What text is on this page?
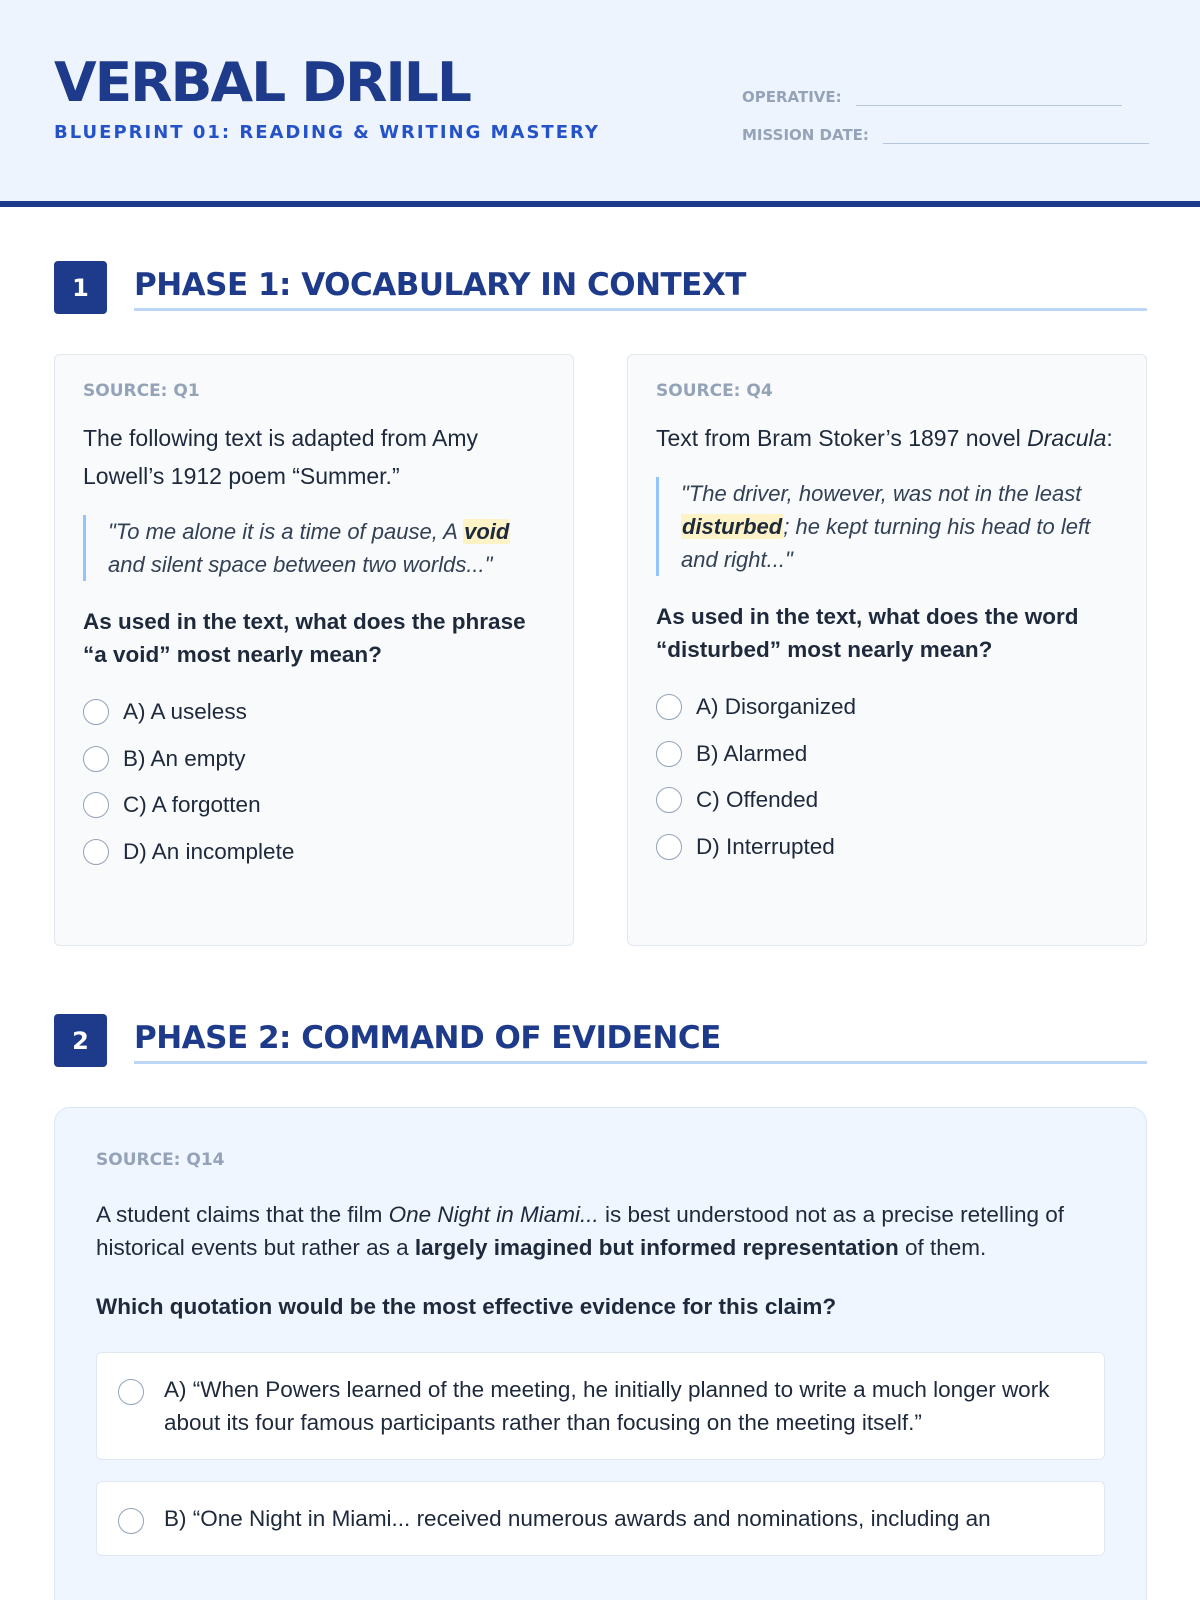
VERBAL DRILL
BLUEPRINT 01: READING & WRITING MASTERY
OPERATIVE:
MISSION DATE:
1	PHASE 1: VOCABULARY IN CONTEXT
SOURCE: Q1
The following text is adapted from Amy Lowell’s 1912 poem “Summer.”
"To me alone it is a time of pause, A void and silent space between two worlds..."
As used in the text, what does the phrase “a void” most nearly mean?
A) A useless
B) An empty
C) A forgotten
D) An incomplete
SOURCE: Q4
Text from Bram Stoker’s 1897 novel Dracula:
"The driver, however, was not in the least disturbed; he kept turning his head to left and right..."
As used in the text, what does the word “disturbed” most nearly mean?
A) Disorganized
B) Alarmed
C) Offended
D) Interrupted
2	PHASE 2: COMMAND OF EVIDENCE
SOURCE: Q14
A student claims that the film One Night in Miami... is best understood not as a precise retelling of historical events but rather as a largely imagined but informed representation of them.
Which quotation would be the most effective evidence for this claim?
A) “When Powers learned of the meeting, he initially planned to write a much longer work about its four famous participants rather than focusing on the meeting itself.”
B) “One Night in Miami... received numerous awards and nominations, including an
